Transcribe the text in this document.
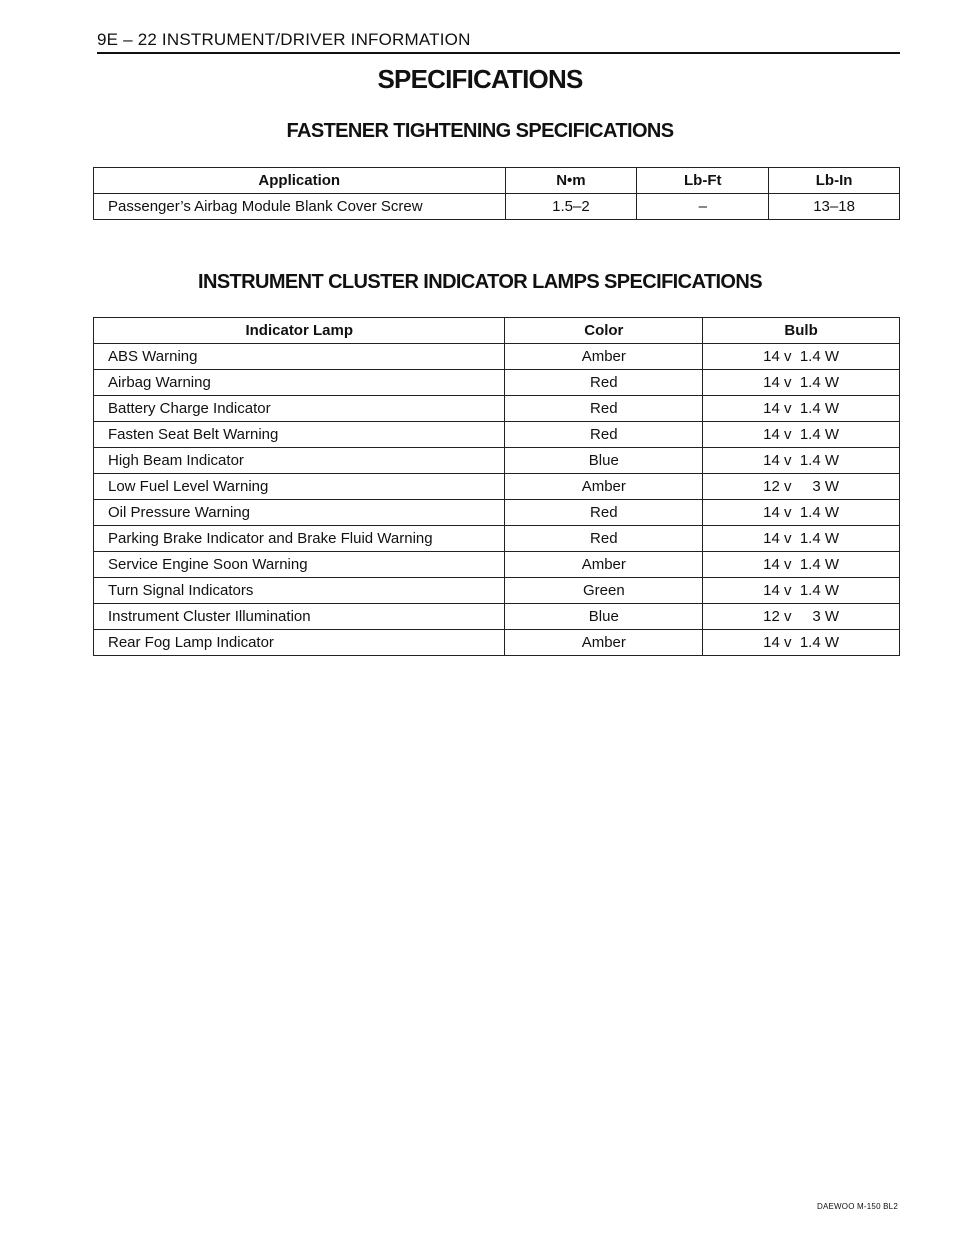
9E – 22 INSTRUMENT/DRIVER INFORMATION
SPECIFICATIONS
FASTENER TIGHTENING SPECIFICATIONS
Application	N•m	Lb-Ft	Lb-In
Passenger’s Airbag Module Blank Cover Screw	1.5–2	–	13–18
INSTRUMENT CLUSTER INDICATOR LAMPS SPECIFICATIONS
Indicator Lamp	Color	Bulb
ABS Warning	Amber	14 v  1.4 W
Airbag Warning	Red	14 v  1.4 W
Battery Charge Indicator	Red	14 v  1.4 W
Fasten Seat Belt Warning	Red	14 v  1.4 W
High Beam Indicator	Blue	14 v  1.4 W
Low Fuel Level Warning	Amber	12 v     3 W
Oil Pressure Warning	Red	14 v  1.4 W
Parking Brake Indicator and Brake Fluid Warning	Red	14 v  1.4 W
Service Engine Soon Warning	Amber	14 v  1.4 W
Turn Signal Indicators	Green	14 v  1.4 W
Instrument Cluster Illumination	Blue	12 v     3 W
Rear Fog Lamp Indicator	Amber	14 v  1.4 W
DAEWOO M-150 BL2
